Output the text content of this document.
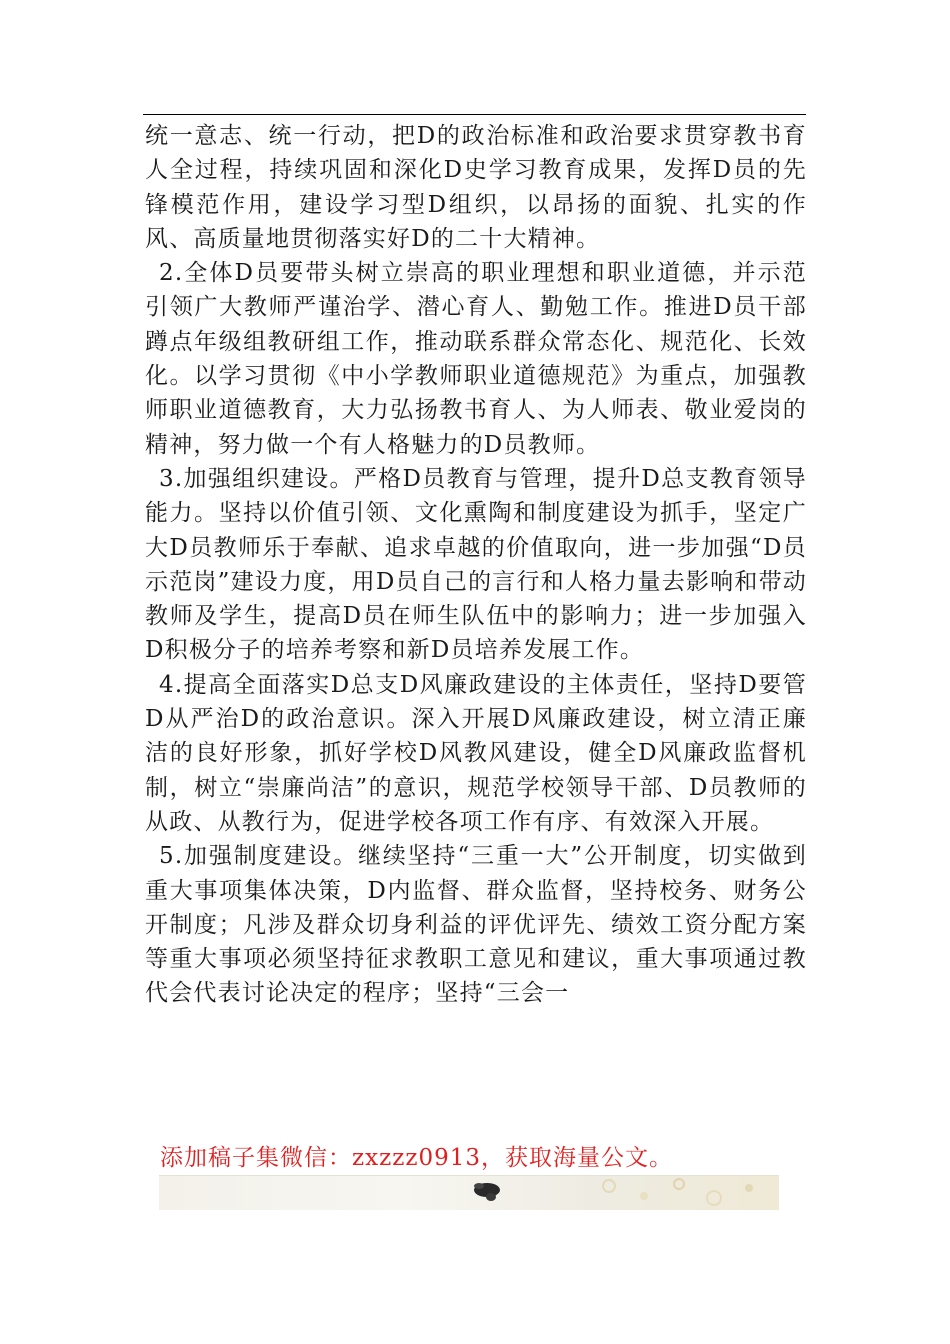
统一意志、统一行动，把D的政治标准和政治要求贯穿教书育人全过程，持续巩固和深化D史学习教育成果，发挥D员的先锋模范作用，建设学习型D组织，以昂扬的面貌、扎实的作风、高质量地贯彻落实好D的二十大精神。

2.全体D员要带头树立崇高的职业理想和职业道德，并示范引领广大教师严谨治学、潜心育人、勤勉工作。推进D员干部蹲点年级组教研组工作，推动联系群众常态化、规范化、长效化。以学习贯彻《中小学教师职业道德规范》为重点，加强教师职业道德教育，大力弘扬教书育人、为人师表、敬业爱岗的精神，努力做一个有人格魅力的D员教师。

3.加强组织建设。严格D员教育与管理，提升D总支教育领导能力。坚持以价值引领、文化熏陶和制度建设为抓手，坚定广大D员教师乐于奉献、追求卓越的价值取向，进一步加强“D员示范岗”建设力度，用D员自己的言行和人格力量去影响和带动教师及学生，提高D员在师生队伍中的影响力；进一步加强入D积极分子的培养考察和新D员培养发展工作。

4.提高全面落实D总支D风廉政建设的主体责任，坚持D要管D从严治D的政治意识。深入开展D风廉政建设，树立清正廉洁的良好形象，抓好学校D风教风建设，健全D风廉政监督机制，树立“崇廉尚洁”的意识，规范学校领导干部、D员教师的从政、从教行为，促进学校各项工作有序、有效深入开展。

5.加强制度建设。继续坚持“三重一大”公开制度，切实做到重大事项集体决策，D内监督、群众监督，坚持校务、财务公开制度；凡涉及群众切身利益的评优评先、绩效工资分配方案等重大事项必须坚持征求教职工意见和建议，重大事项通过教代会代表讨论决定的程序；坚持“三会一

添加稿子集微信：zxzzz0913，获取海量公文。
